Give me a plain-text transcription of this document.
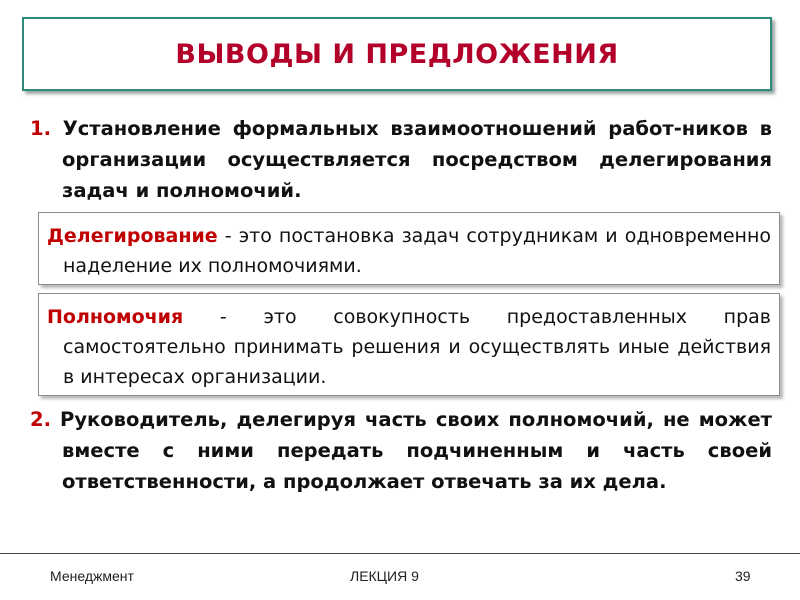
ВЫВОДЫ И ПРЕДЛОЖЕНИЯ
1. Установление формальных взаимоотношений работ-ников в организации осуществляется посредством делегирования задач и полномочий.
Делегирование - это постановка задач сотрудникам и одновременно наделение их полномочиями.
Полномочия - это совокупность предоставленных прав самостоятельно принимать решения и осуществлять иные действия в интересах организации.
2. Руководитель, делегируя часть своих полномочий, не может вместе с ними передать подчиненным и часть своей ответственности, а продолжает отвечать за их дела.
Менеджмент	ЛЕКЦИЯ 9	39
